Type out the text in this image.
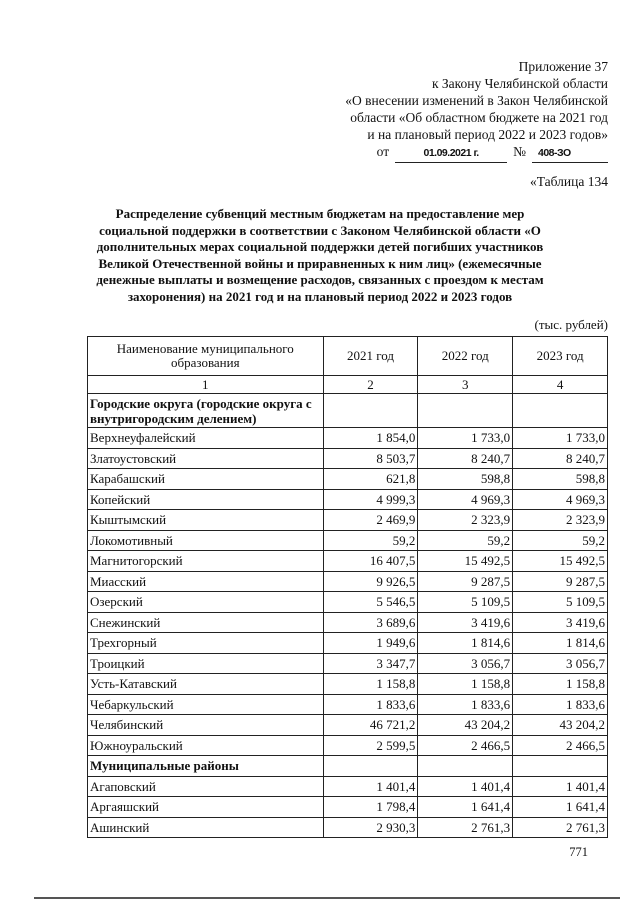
Приложение 37
к Закону Челябинской области
«О внесении изменений в Закон Челябинской
области «Об областном бюджете на 2021 год
и на плановый период 2022 и 2023 годов»
от	01.09.2021 г.	№	408-ЗО
«Таблица 134
Распределение субвенций местным бюджетам на предоставление мер социальной поддержки в соответствии с Законом Челябинской области «О дополнительных мерах социальной поддержки детей погибших участников Великой Отечественной войны и приравненных к ним лиц» (ежемесячные денежные выплаты и возмещение расходов, связанных с проездом к местам захоронения) на 2021 год и на плановый период 2022 и 2023 годов
(тыс. рублей)
Наименование муниципального образования	2021 год	2022 год	2023 год
1	2	3	4
Городские округа (городские округа с внутригородским делением)			
Верхнеуфалейский	1 854,0	1 733,0	1 733,0
Златоустовский	8 503,7	8 240,7	8 240,7
Карабашский	621,8	598,8	598,8
Копейский	4 999,3	4 969,3	4 969,3
Кыштымский	2 469,9	2 323,9	2 323,9
Локомотивный	59,2	59,2	59,2
Магнитогорский	16 407,5	15 492,5	15 492,5
Миасский	9 926,5	9 287,5	9 287,5
Озерский	5 546,5	5 109,5	5 109,5
Снежинский	3 689,6	3 419,6	3 419,6
Трехгорный	1 949,6	1 814,6	1 814,6
Троицкий	3 347,7	3 056,7	3 056,7
Усть-Катавский	1 158,8	1 158,8	1 158,8
Чебаркульский	1 833,6	1 833,6	1 833,6
Челябинский	46 721,2	43 204,2	43 204,2
Южноуральский	2 599,5	2 466,5	2 466,5
Муниципальные районы			
Агаповский	1 401,4	1 401,4	1 401,4
Аргаяшский	1 798,4	1 641,4	1 641,4
Ашинский	2 930,3	2 761,3	2 761,3
771
